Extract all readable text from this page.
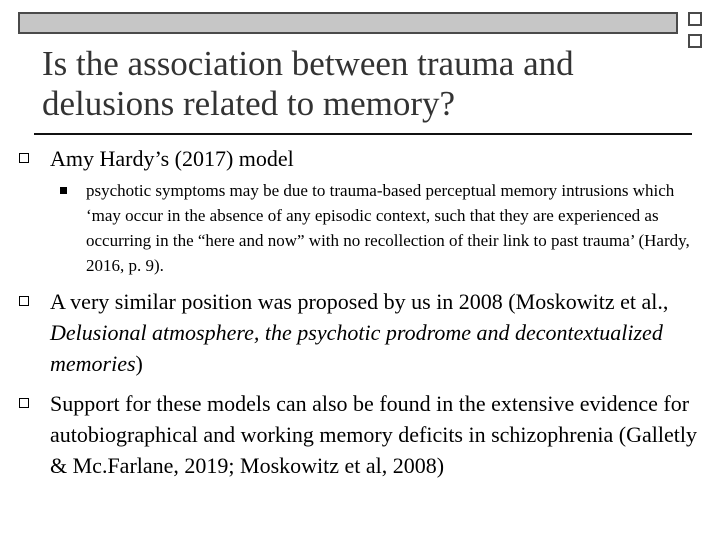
Is the association between trauma and delusions related to memory?
Amy Hardy’s (2017) model
psychotic symptoms may be due to trauma-based perceptual memory intrusions which ‘may occur in the absence of any episodic context, such that they are experienced as occurring in the “here and now” with no recollection of their link to past trauma’ (Hardy, 2016, p. 9).
A very similar position was proposed by us in 2008 (Moskowitz et al., Delusional atmosphere, the psychotic prodrome and decontextualized memories)
Support for these models can also be found in the extensive evidence for autobiographical and working memory deficits in schizophrenia (Galletly & Mc.Farlane, 2019; Moskowitz et al, 2008)
